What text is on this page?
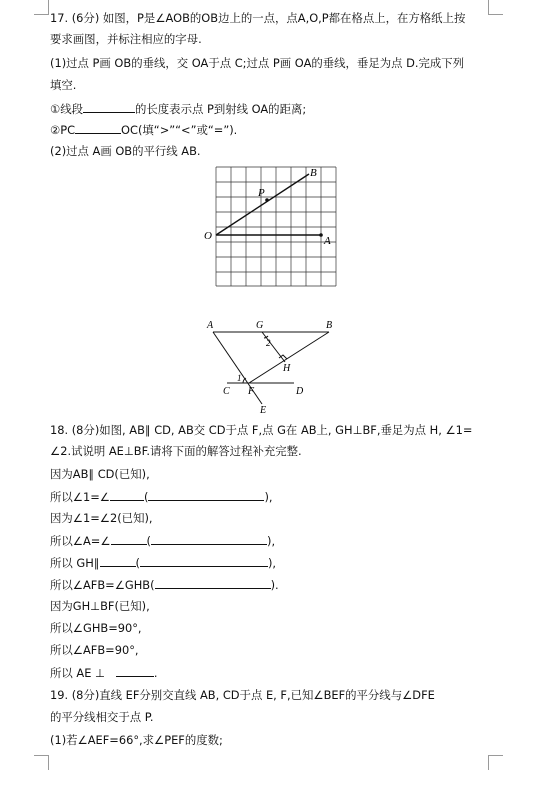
17. (6分) 如图，P是∠AOB的OB边上的一点，点A,O,P都在格点上，在方格纸上按
要求画图，并标注相应的字母.
(1)过点 P画 OB的垂线，交 OA于点 C;过点 P画 OA的垂线，垂足为点 D.完成下列
填空.
①线段	的长度表示点 P到射线 OA的距离;
②PC	OC(填“>”“<”或“=”).
(2)过点 A画 OB的平行线 AB.
O
P
B
A
A	G	B
2
H
1
C F	D
E
18. (8分)如图, AB∥ CD, AB交 CD于点 F,点 G在 AB上, GH⊥BF,垂足为点 H, ∠1=
∠2.试说明 AE⊥BF.请将下面的解答过程补充完整.
因为AB∥ CD(已知),
所以∠1=∠	(	),
因为∠1=∠2(已知),
所以∠A=∠	(	),
所以 GH∥	(	),
所以∠AFB=∠GHB(	).
因为GH⊥BF(已知),
所以∠GHB=90°,
所以∠AFB=90°,
所以 AE ⊥	.
19. (8分)直线 EF分别交直线 AB, CD于点 E, F,已知∠BEF的平分线与∠DFE
的平分线相交于点 P.
(1)若∠AEF=66°,求∠PEF的度数;
